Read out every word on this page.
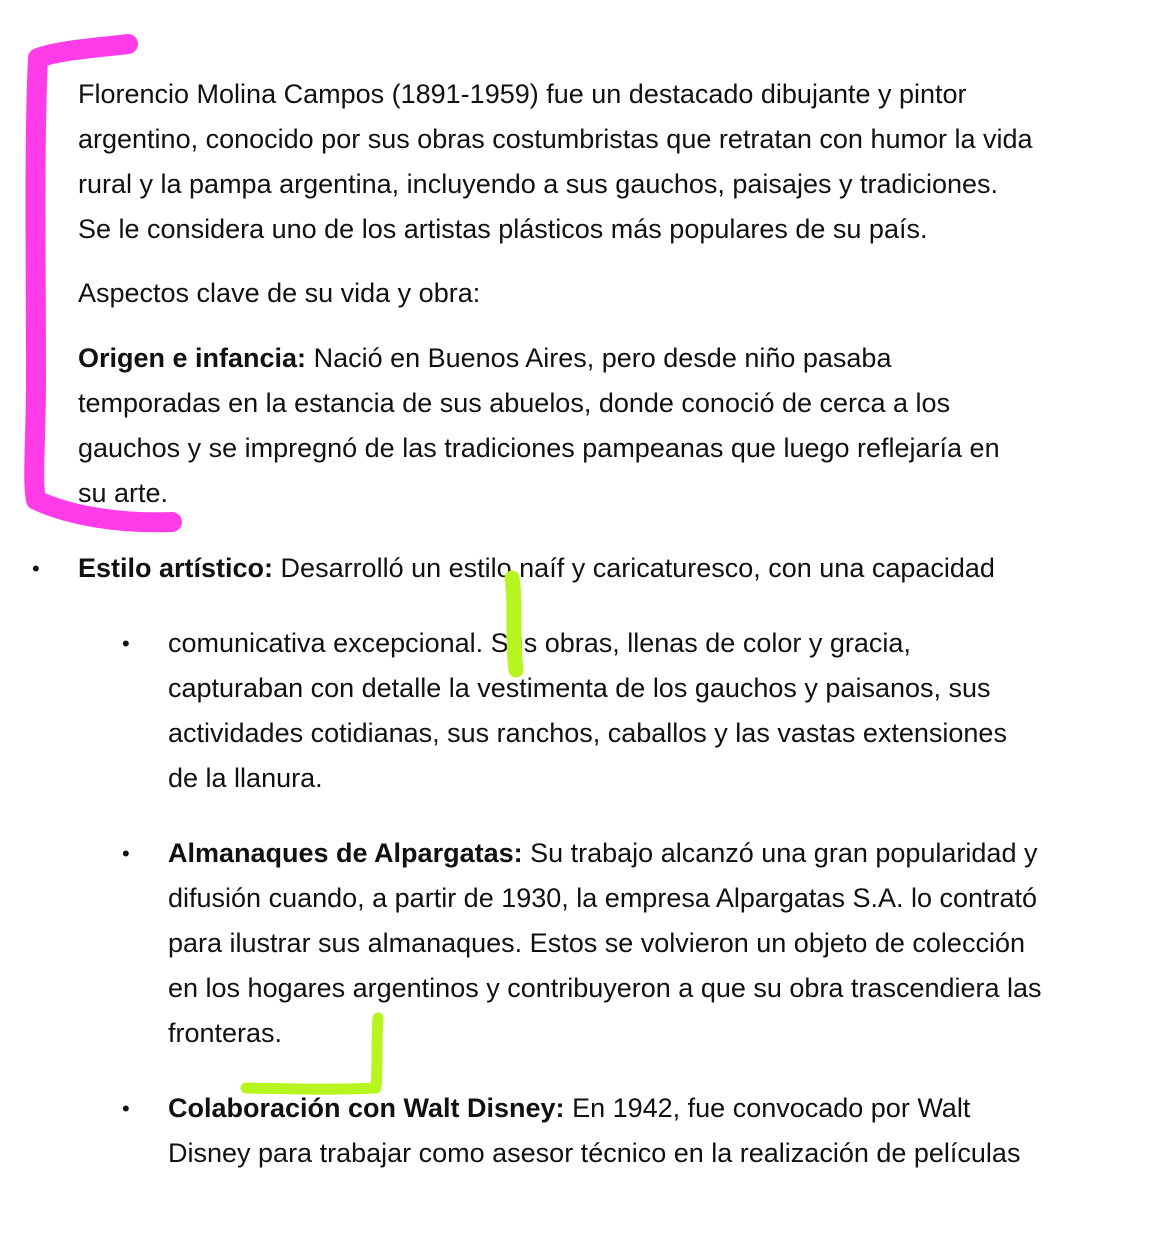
Florencio Molina Campos (1891-1959) fue un destacado dibujante y pintor
argentino, conocido por sus obras costumbristas que retratan con humor la vida
rural y la pampa argentina, incluyendo a sus gauchos, paisajes y tradiciones.
Se le considera uno de los artistas plásticos más populares de su país.
Aspectos clave de su vida y obra:
Origen e infancia: Nació en Buenos Aires, pero desde niño pasaba
temporadas en la estancia de sus abuelos, donde conoció de cerca a los
gauchos y se impregnó de las tradiciones pampeanas que luego reflejaría en
su arte.
• Estilo artístico: Desarrolló un estilo naíf y caricaturesco, con una capacidad
• comunicativa excepcional. Sus obras, llenas de color y gracia,
capturaban con detalle la vestimenta de los gauchos y paisanos, sus
actividades cotidianas, sus ranchos, caballos y las vastas extensiones
de la llanura.
• Almanaques de Alpargatas: Su trabajo alcanzó una gran popularidad y
difusión cuando, a partir de 1930, la empresa Alpargatas S.A. lo contrató
para ilustrar sus almanaques. Estos se volvieron un objeto de colección
en los hogares argentinos y contribuyeron a que su obra trascendiera las
fronteras.
• Colaboración con Walt Disney: En 1942, fue convocado por Walt
Disney para trabajar como asesor técnico en la realización de películas
